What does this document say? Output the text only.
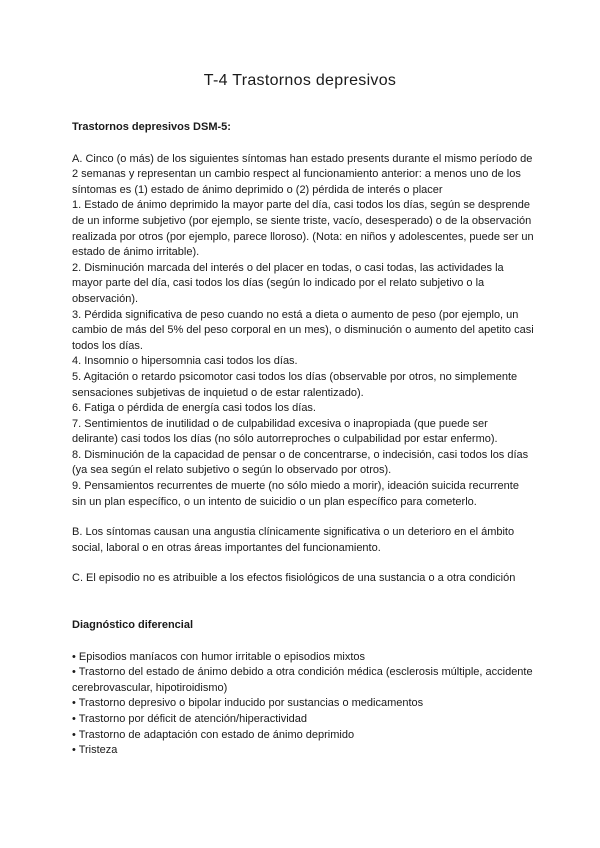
T-4 Trastornos depresivos

Trastornos depresivos DSM-5:

A. Cinco (o más) de los siguientes síntomas han estado presents durante el mismo período de 2 semanas y representan un cambio respect al funcionamiento anterior: a menos uno de los síntomas es (1) estado de ánimo deprimido o (2) pérdida de interés o placer

1. Estado de ánimo deprimido la mayor parte del día, casi todos los días, según se desprende de un informe subjetivo (por ejemplo, se siente triste, vacío, desesperado) o de la observación realizada por otros (por ejemplo, parece lloroso). (Nota: en niños y adolescentes, puede ser un estado de ánimo irritable).
2. Disminución marcada del interés o del placer en todas, o casi todas, las actividades la mayor parte del día, casi todos los días (según lo indicado por el relato subjetivo o la observación).
3. Pérdida significativa de peso cuando no está a dieta o aumento de peso (por ejemplo, un cambio de más del 5% del peso corporal en un mes), o disminución o aumento del apetito casi todos los días.
4. Insomnio o hipersomnia casi todos los días.
5. Agitación o retardo psicomotor casi todos los días (observable por otros, no simplemente sensaciones subjetivas de inquietud o de estar ralentizado).
6. Fatiga o pérdida de energía casi todos los días.
7. Sentimientos de inutilidad o de culpabilidad excesiva o inapropiada (que puede ser delirante) casi todos los días (no sólo autorreproches o culpabilidad por estar enfermo).
8. Disminución de la capacidad de pensar o de concentrarse, o indecisión, casi todos los días (ya sea según el relato subjetivo o según lo observado por otros).
9. Pensamientos recurrentes de muerte (no sólo miedo a morir), ideación suicida recurrente sin un plan específico, o un intento de suicidio o un plan específico para cometerlo.

B. Los síntomas causan una angustia clínicamente significativa o un deterioro en el ámbito social, laboral o en otras áreas importantes del funcionamiento.

C. El episodio no es atribuible a los efectos fisiológicos de una sustancia o a otra condición

Diagnóstico diferencial

• Episodios maníacos con humor irritable o episodios mixtos
• Trastorno del estado de ánimo debido a otra condición médica (esclerosis múltiple, accidente cerebrovascular, hipotiroidismo)
• Trastorno depresivo o bipolar inducido por sustancias o medicamentos
• Trastorno por déficit de atención/hiperactividad
• Trastorno de adaptación con estado de ánimo deprimido
• Tristeza
